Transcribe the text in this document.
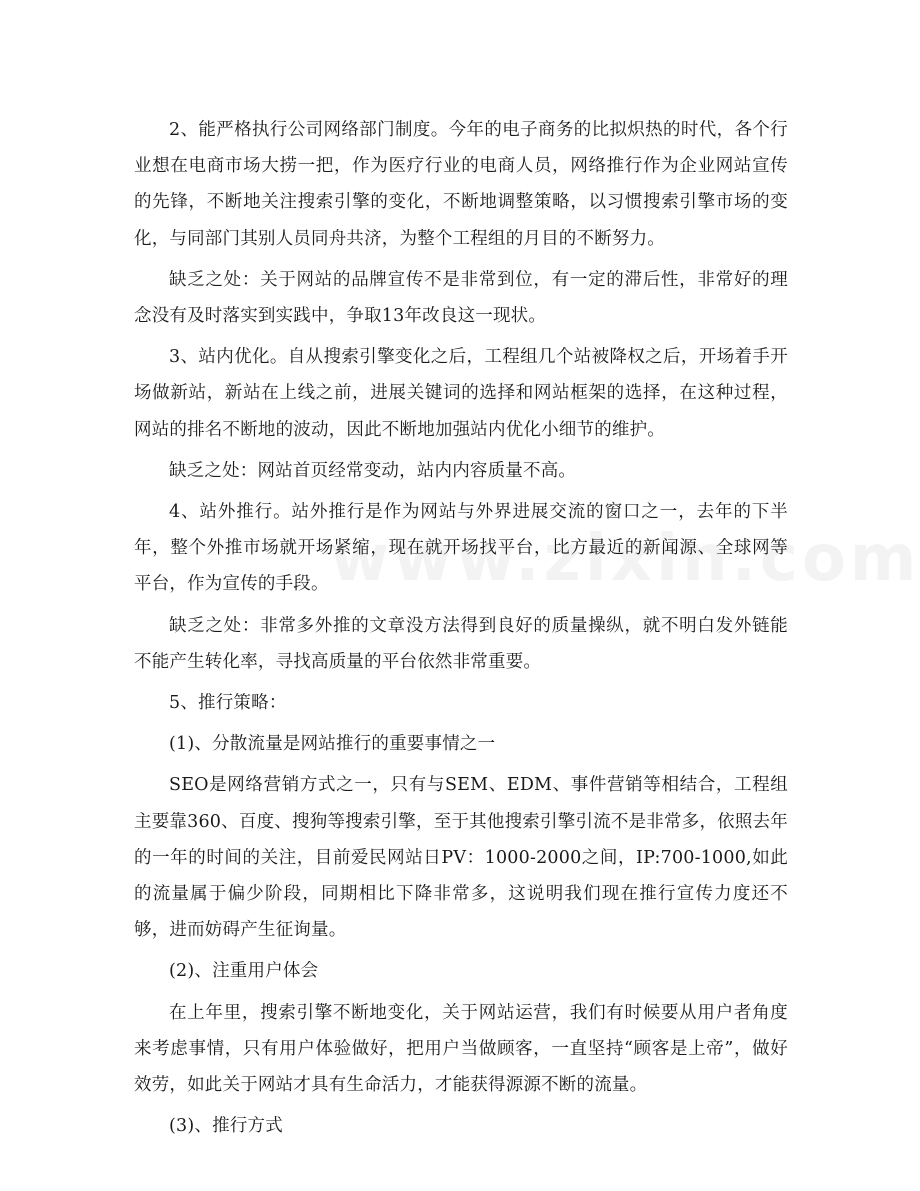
2、能严格执行公司网络部门制度。今年的电子商务的比拟炽热的时代，各个行业想在电商市场大捞一把，作为医疗行业的电商人员，网络推行作为企业网站宣传的先锋，不断地关注搜索引擎的变化，不断地调整策略，以习惯搜索引擎市场的变化，与同部门其别人员同舟共济，为整个工程组的月目的不断努力。

缺乏之处：关于网站的品牌宣传不是非常到位，有一定的滞后性，非常好的理念没有及时落实到实践中，争取13年改良这一现状。

3、站内优化。自从搜索引擎变化之后，工程组几个站被降权之后，开场着手开场做新站，新站在上线之前，进展关键词的选择和网站框架的选择，在这种过程，网站的排名不断地的波动，因此不断地加强站内优化小细节的维护。

缺乏之处：网站首页经常变动，站内内容质量不高。

4、站外推行。站外推行是作为网站与外界进展交流的窗口之一，去年的下半年，整个外推市场就开场紧缩，现在就开场找平台，比方最近的新闻源、全球网等平台，作为宣传的手段。

缺乏之处：非常多外推的文章没方法得到良好的质量操纵，就不明白发外链能不能产生转化率，寻找高质量的平台依然非常重要。

5、推行策略：

(1)、分散流量是网站推行的重要事情之一

SEO是网络营销方式之一，只有与SEM、EDM、事件营销等相结合，工程组主要靠360、百度、搜狗等搜索引擎，至于其他搜索引擎引流不是非常多，依照去年的一年的时间的关注，目前爱民网站日PV：1000-2000之间，IP:700-1000,如此的流量属于偏少阶段，同期相比下降非常多，这说明我们现在推行宣传力度还不够，进而妨碍产生征询量。

(2)、注重用户体会

在上年里，搜索引擎不断地变化，关于网站运营，我们有时候要从用户者角度来考虑事情，只有用户体验做好，把用户当做顾客，一直坚持“顾客是上帝”，做好效劳，如此关于网站才具有生命活力，才能获得源源不断的流量。

(3)、推行方式
